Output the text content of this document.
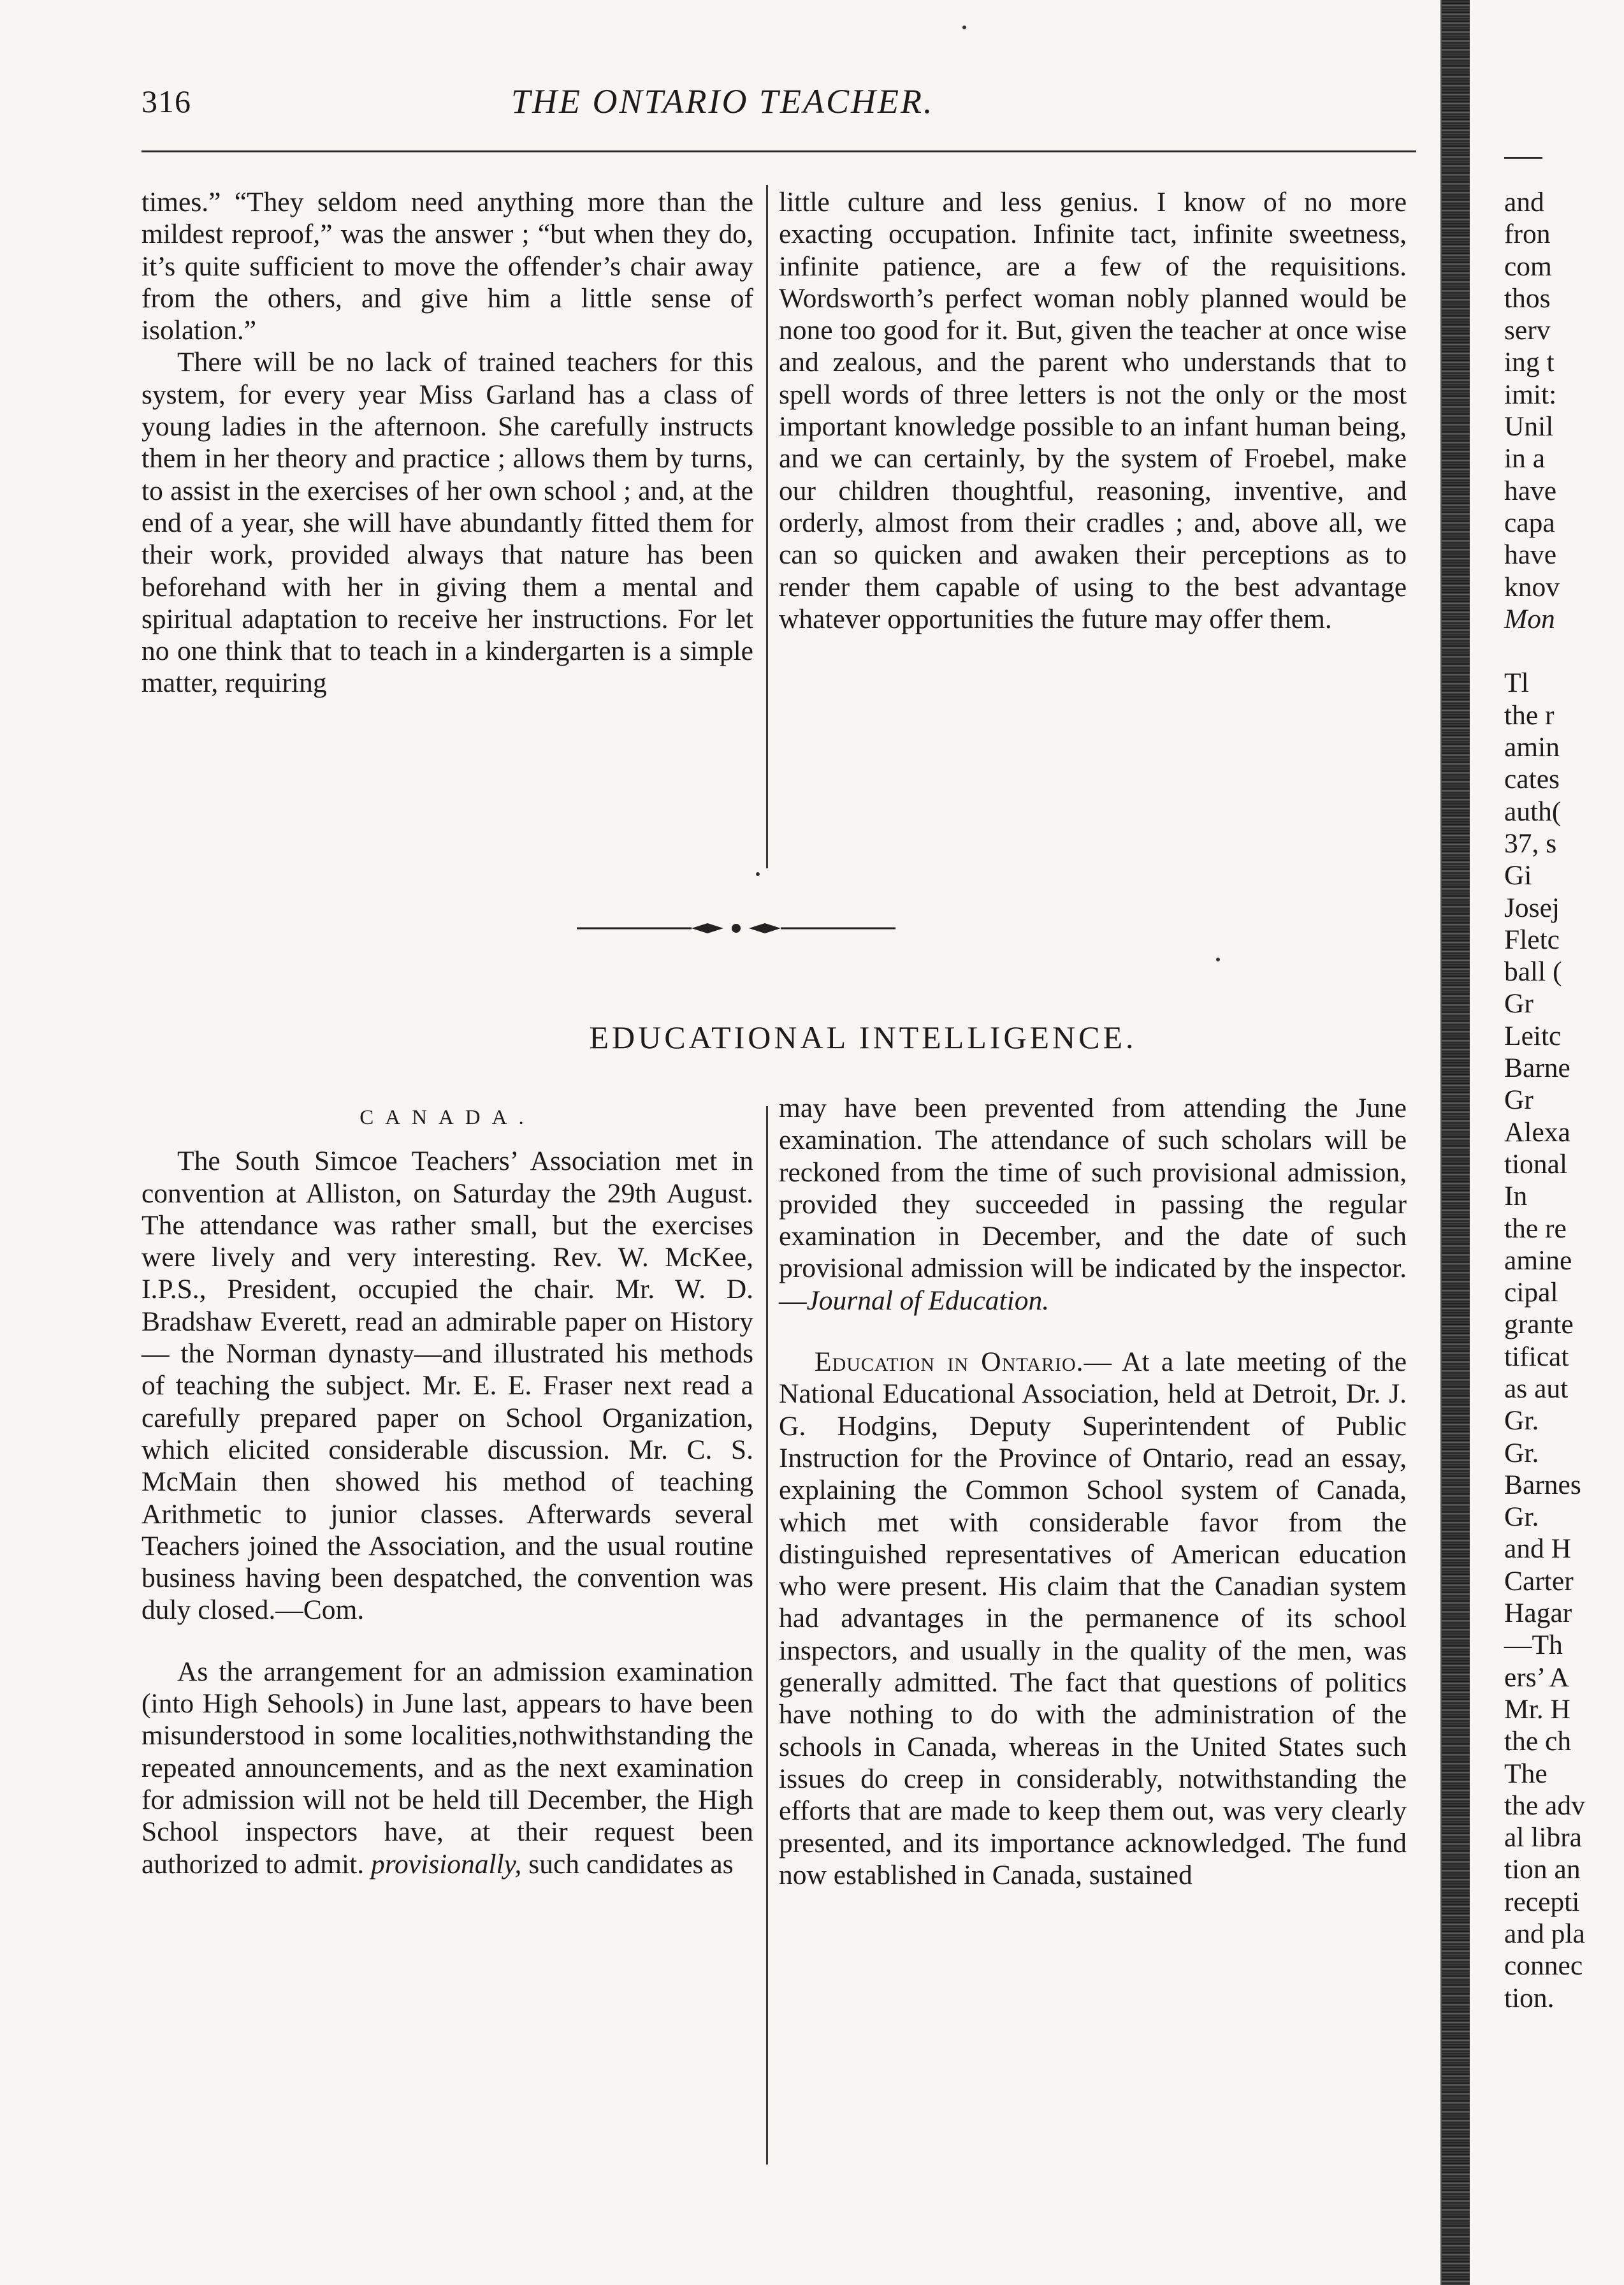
316	THE ONTARIO TEACHER.

times.” “They seldom need anything more than the mildest reproof,” was the answer ; “but when they do, it’s quite sufficient to move the offender’s chair away from the others, and give him a little sense of isolation.”

There will be no lack of trained teachers for this system, for every year Miss Garland has a class of young ladies in the afternoon. She carefully instructs them in her theory and practice ; allows them by turns, to assist in the exercises of her own school ; and, at the end of a year, she will have abundantly fitted them for their work, provided always that nature has been beforehand with her in giving them a mental and spiritual adaptation to receive her instructions. For let no one think that to teach in a kindergarten is a simple matter, requiring

little culture and less genius. I know of no more exacting occupation. Infinite tact, infinite sweetness, infinite patience, are a few of the requisitions. Wordsworth’s perfect woman nobly planned would be none too good for it. But, given the teacher at once wise and zealous, and the parent who understands that to spell words of three letters is not the only or the most important knowledge possible to an infant human being, and we can certainly, by the system of Froebel, make our children thoughtful, reasoning, inventive, and orderly, almost from their cradles ; and, above all, we can so quicken and awaken their perceptions as to render them capable of using to the best advantage whatever opportunities the future may offer them.

EDUCATIONAL INTELLIGENCE.

CANADA.

The South Simcoe Teachers’ Association met in convention at Alliston, on Saturday the 29th August. The attendance was rather small, but the exercises were lively and very interesting. Rev. W. McKee, I.P.S., President, occupied the chair. Mr. W. D. Bradshaw Everett, read an admirable paper on History — the Norman dynasty—and illustrated his methods of teaching the subject. Mr. E. E. Fraser next read a carefully prepared paper on School Organization, which elicited considerable discussion. Mr. C. S. McMain then showed his method of teaching Arithmetic to junior classes. Afterwards several Teachers joined the Association, and the usual routine business having been despatched, the convention was duly closed.—Com.

As the arrangement for an admission examination (into High Sehools) in June last, appears to have been misunderstood in some localities,nothwithstanding the repeated announcements, and as the next examination for admission will not be held till December, the High School inspectors have, at their request been authorized to admit. provisionally, such candidates as

may have been prevented from attending the June examination. The attendance of such scholars will be reckoned from the time of such provisional admission, provided they succeeded in passing the regular examination in December, and the date of such provisional admission will be indicated by the inspector.—Journal of Education.

Education in Ontario.— At a late meeting of the National Educational Association, held at Detroit, Dr. J. G. Hodgins, Deputy Superintendent of Public Instruction for the Province of Ontario, read an essay, explaining the Common School system of Canada, which met with considerable favor from the distinguished representatives of American education who were present. His claim that the Canadian system had advantages in the permanence of its school inspectors, and usually in the quality of the men, was generally admitted. The fact that questions of politics have nothing to do with the administration of the schools in Canada, whereas in the United States such issues do creep in considerably, notwithstanding the efforts that are made to keep them out, was very clearly presented, and its importance acknowledged. The fund now established in Canada, sustained

and
fron
com
thos
serv
ing t
imit:
Unil
in a
have
capa
have
knov
Mon
Tl
the r
amin
cates
auth(
37, s
Gi
Josej
Fletc
ball (
Gr
Leitc
Barne
Gr
Alexa
tional
In
the re
amine
cipal
grante
tificat
as aut
Gr.
Gr.
Barnes
Gr.
and H
Carter
Hagar
—Th
ers’ A
Mr. H
the ch
The
the adv
al libra
tion an
recepti
and pla
connec
tion.
